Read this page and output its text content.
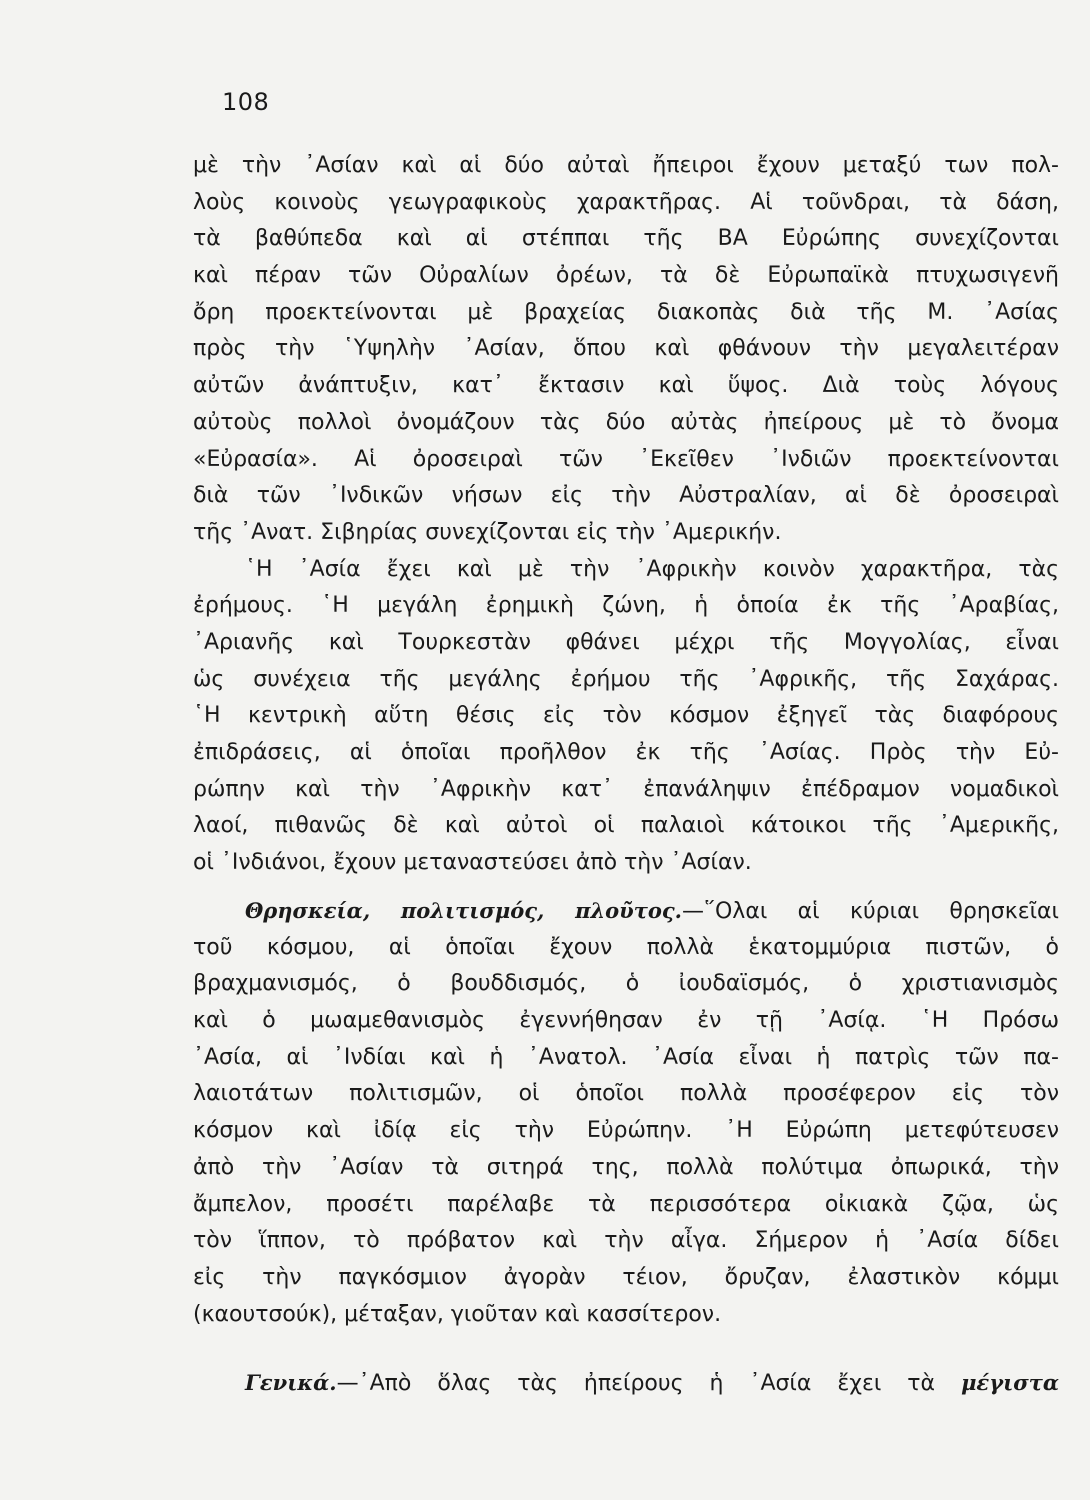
108
μὲ τὴν ᾿Ασίαν καὶ αἱ δύο αὐταὶ ἤπειροι ἔχουν μεταξύ των πολ-
λοὺς κοινοὺς γεωγραφικοὺς χαρακτῆρας. Αἱ τοῦνδραι, τὰ δάση,
τὰ βαθύπεδα καὶ αἱ στέππαι τῆς ΒΑ Εὐρώπης συνεχίζονται
καὶ πέραν τῶν Οὐραλίων ὀρέων, τὰ δὲ Εὐρωπαϊκὰ πτυχωσιγενῆ
ὄρη προεκτείνονται μὲ βραχείας διακοπὰς διὰ τῆς Μ. ᾿Ασίας
πρὸς τὴν ῾Υψηλὴν ᾿Ασίαν, ὅπου καὶ φθάνουν τὴν μεγαλειτέραν
αὐτῶν ἀνάπτυξιν, κατ᾿ ἔκτασιν καὶ ὕψος. Διὰ τοὺς λόγους
αὐτοὺς πολλοὶ ὀνομάζουν τὰς δύο αὐτὰς ἠπείρους μὲ τὸ ὄνομα
«Εὐρασία». Αἱ ὀροσειραὶ τῶν ᾿Εκεῖθεν ᾿Ινδιῶν προεκτείνονται
διὰ τῶν ᾿Ινδικῶν νήσων εἰς τὴν Αὐστραλίαν, αἱ δὲ ὀροσειραὶ
τῆς ᾿Ανατ. Σιβηρίας συνεχίζονται εἰς τὴν ᾿Αμερικήν.
῾Η ᾿Ασία ἔχει καὶ μὲ τὴν ᾿Αφρικὴν κοινὸν χαρακτῆρα, τὰς
ἐρήμους. ῾Η μεγάλη ἐρημικὴ ζώνη, ἡ ὁποία ἐκ τῆς ᾿Αραβίας,
᾿Αριανῆς καὶ Τουρκεστὰν φθάνει μέχρι τῆς Μογγολίας, εἶναι
ὡς συνέχεια τῆς μεγάλης ἐρήμου τῆς ᾿Αφρικῆς, τῆς Σαχάρας.
῾Η κεντρικὴ αὕτη θέσις εἰς τὸν κόσμον ἐξηγεῖ τὰς διαφόρους
ἐπιδράσεις, αἱ ὁποῖαι προῆλθον ἐκ τῆς ᾿Ασίας. Πρὸς τὴν Εὐ-
ρώπην καὶ τὴν ᾿Αφρικὴν κατ᾿ ἐπανάληψιν ἐπέδραμον νομαδικοὶ
λαοί, πιθανῶς δὲ καὶ αὐτοὶ οἱ παλαιοὶ κάτοικοι τῆς ᾿Αμερικῆς,
οἱ ᾿Ινδιάνοι, ἔχουν μεταναστεύσει ἀπὸ τὴν ᾿Ασίαν.
Θρησκεία, πολιτισμός, πλοῦτος.—῞Ολαι αἱ κύριαι θρησκεῖαι
τοῦ κόσμου, αἱ ὁποῖαι ἔχουν πολλὰ ἑκατομμύρια πιστῶν, ὁ
βραχμανισμός, ὁ βουδδισμός, ὁ ἰουδαϊσμός, ὁ χριστιανισμὸς
καὶ ὁ μωαμεθανισμὸς ἐγεννήθησαν ἐν τῇ ᾿Ασίᾳ. ῾Η Πρόσω
᾿Ασία, αἱ ᾿Ινδίαι καὶ ἡ ᾿Ανατολ. ᾿Ασία εἶναι ἡ πατρὶς τῶν πα-
λαιοτάτων πολιτισμῶν, οἱ ὁποῖοι πολλὰ προσέφερον εἰς τὸν
κόσμον καὶ ἰδίᾳ εἰς τὴν Εὐρώπην. ᾿Η Εὐρώπη μετεφύτευσεν
ἀπὸ τὴν ᾿Ασίαν τὰ σιτηρά της, πολλὰ πολύτιμα ὀπωρικά, τὴν
ἄμπελον, προσέτι παρέλαβε τὰ περισσότερα οἰκιακὰ ζῷα, ὡς
τὸν ἵππον, τὸ πρόβατον καὶ τὴν αἶγα. Σήμερον ἡ ᾿Ασία δίδει
εἰς τὴν παγκόσμιον ἀγορὰν τέιον, ὄρυζαν, ἐλαστικὸν κόμμι
(καουτσούκ), μέταξαν, γιοῦταν καὶ κασσίτερον.
Γενικά.—᾿Απὸ ὅλας τὰς ἠπείρους ἡ ᾿Ασία ἔχει τὰ μέγιστα
